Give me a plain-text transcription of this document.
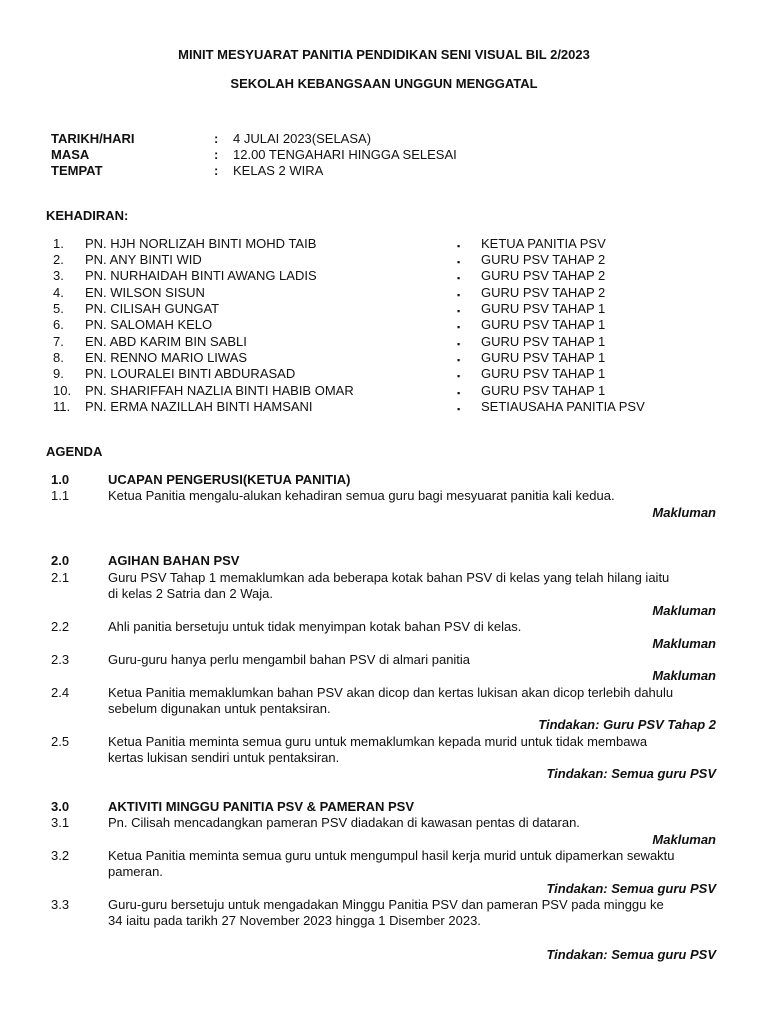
MINIT MESYUARAT PANITIA PENDIDIKAN SENI VISUAL BIL 2/2023
SEKOLAH KEBANGSAAN UNGGUN MENGGATAL
TARIKH/HARI	: 4 JULAI 2023(SELASA)
MASA	: 12.00 TENGAHARI HINGGA SELESAI
TEMPAT	: KELAS 2 WIRA
KEHADIRAN:
1. PN. HJH NORLIZAH BINTI MOHD TAIB	▪ KETUA PANITIA PSV
2. PN. ANY BINTI WID	▪ GURU PSV TAHAP 2
3. PN. NURHAIDAH BINTI AWANG LADIS	▪ GURU PSV TAHAP 2
4. EN. WILSON SISUN	▪ GURU PSV TAHAP 2
5. PN. CILISAH GUNGAT	▪ GURU PSV TAHAP 1
6. PN. SALOMAH KELO	▪ GURU PSV TAHAP 1
7. EN. ABD KARIM BIN SABLI	▪ GURU PSV TAHAP 1
8. EN. RENNO MARIO LIWAS	▪ GURU PSV TAHAP 1
9. PN. LOURALEI BINTI ABDURASAD	▪ GURU PSV TAHAP 1
10. PN. SHARIFFAH NAZLIA BINTI HABIB OMAR	▪ GURU PSV TAHAP 1
11. PN. ERMA NAZILLAH BINTI HAMSANI	▪ SETIAUSAHA PANITIA PSV
AGENDA
1.0	UCAPAN PENGERUSI(KETUA PANITIA)
1.1	Ketua Panitia mengalu-alukan kehadiran semua guru bagi mesyuarat panitia kali kedua.
Makluman
2.0	AGIHAN BAHAN PSV
2.1	Guru PSV Tahap 1 memaklumkan ada beberapa kotak bahan PSV di kelas yang telah hilang iaitu
di kelas 2 Satria dan 2 Waja.
Makluman
2.2	Ahli panitia bersetuju untuk tidak menyimpan kotak bahan PSV di kelas.
Makluman
2.3	Guru-guru hanya perlu mengambil bahan PSV di almari panitia
Makluman
2.4	Ketua Panitia memaklumkan bahan PSV akan dicop dan kertas lukisan akan dicop terlebih dahulu
sebelum digunakan untuk pentaksiran.
Tindakan: Guru PSV Tahap 2
2.5	Ketua Panitia meminta semua guru untuk memaklumkan kepada murid untuk tidak membawa
kertas lukisan sendiri untuk pentaksiran.
Tindakan: Semua guru PSV
3.0	AKTIVITI MINGGU PANITIA PSV & PAMERAN PSV
3.1	Pn. Cilisah mencadangkan pameran PSV diadakan di kawasan pentas di dataran.
Makluman
3.2	Ketua Panitia meminta semua guru untuk mengumpul hasil kerja murid untuk dipamerkan sewaktu
pameran.
Tindakan: Semua guru PSV
3.3	Guru-guru bersetuju untuk mengadakan Minggu Panitia PSV dan pameran PSV pada minggu ke
34 iaitu pada tarikh 27 November 2023 hingga 1 Disember 2023.
Tindakan: Semua guru PSV
